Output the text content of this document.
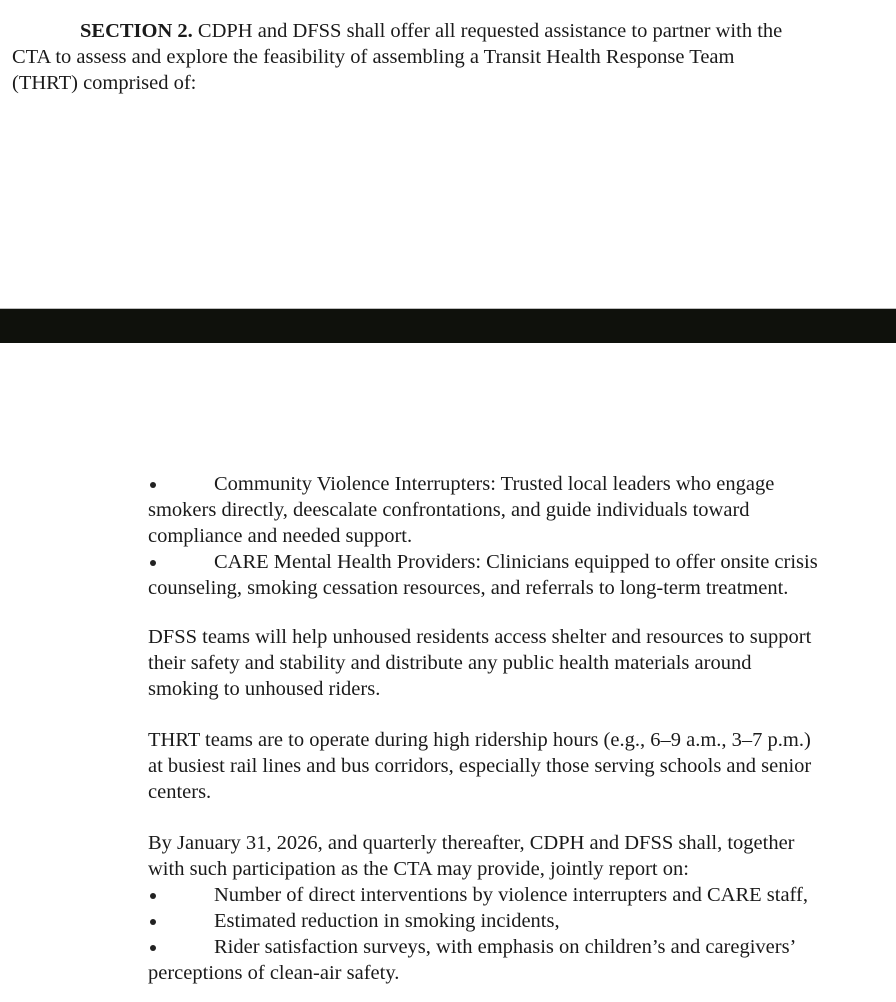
SECTION 2. CDPH and DFSS shall offer all requested assistance to partner with the
CTA to assess and explore the feasibility of assembling a Transit Health Response Team
(THRT) comprised of:
Community Violence Interrupters: Trusted local leaders who engage
smokers directly, deescalate confrontations, and guide individuals toward
compliance and needed support.
CARE Mental Health Providers: Clinicians equipped to offer onsite crisis
counseling, smoking cessation resources, and referrals to long-term treatment.
DFSS teams will help unhoused residents access shelter and resources to support
their safety and stability and distribute any public health materials around
smoking to unhoused riders.
THRT teams are to operate during high ridership hours (e.g., 6–9 a.m., 3–7 p.m.)
at busiest rail lines and bus corridors, especially those serving schools and senior
centers.
By January 31, 2026, and quarterly thereafter, CDPH and DFSS shall, together
with such participation as the CTA may provide, jointly report on:
Number of direct interventions by violence interrupters and CARE staff,
Estimated reduction in smoking incidents,
Rider satisfaction surveys, with emphasis on children’s and caregivers’
perceptions of clean-air safety.
